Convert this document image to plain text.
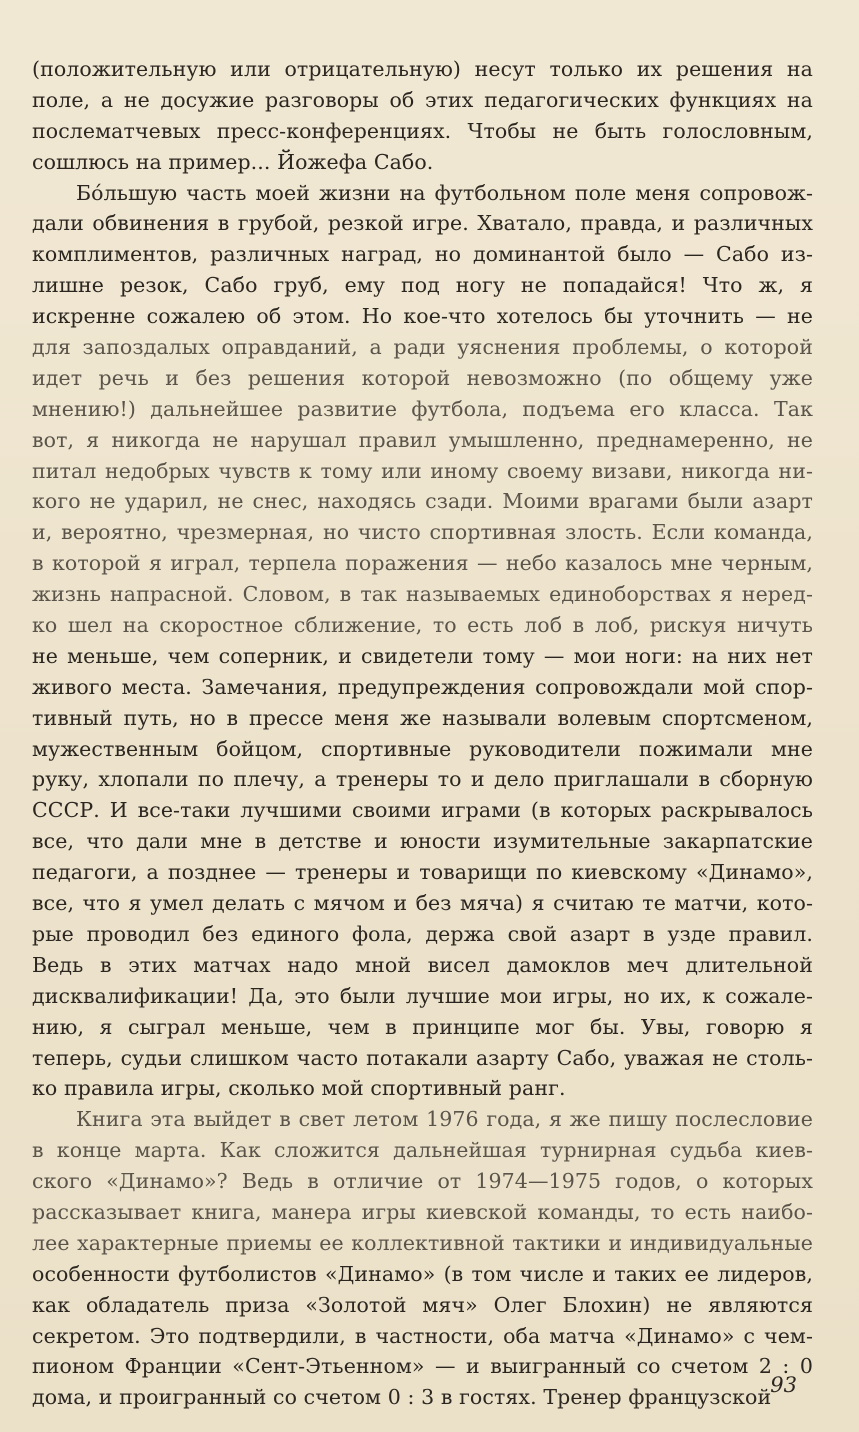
(положительную или отрицательную) несут только их решения на
поле, а не досужие разговоры об этих педагогических функциях на
послематчевых пресс-конференциях. Чтобы не быть голословным,
сошлюсь на пример... Йожефа Сабо.
Бо́льшую часть моей жизни на футбольном поле меня сопровож-
дали обвинения в грубой, резкой игре. Хватало, правда, и различных
комплиментов, различных наград, но доминантой было — Сабо из-
лишне резок, Сабо груб, ему под ногу не попадайся! Что ж, я
искренне сожалею об этом. Но кое-что хотелось бы уточнить — не
для запоздалых оправданий, а ради уяснения проблемы, о которой
идет речь и без решения которой невозможно (по общему уже
мнению!) дальнейшее развитие футбола, подъема его класса. Так
вот, я никогда не нарушал правил умышленно, преднамеренно, не
питал недобрых чувств к тому или иному своему визави, никогда ни-
кого не ударил, не снес, находясь сзади. Моими врагами были азарт
и, вероятно, чрезмерная, но чисто спортивная злость. Если команда,
в которой я играл, терпела поражения — небо казалось мне черным,
жизнь напрасной. Словом, в так называемых единоборствах я неред-
ко шел на скоростное сближение, то есть лоб в лоб, рискуя ничуть
не меньше, чем соперник, и свидетели тому — мои ноги: на них нет
живого места. Замечания, предупреждения сопровождали мой спор-
тивный путь, но в прессе меня же называли волевым спортсменом,
мужественным бойцом, спортивные руководители пожимали мне
руку, хлопали по плечу, а тренеры то и дело приглашали в сборную
СССР. И все-таки лучшими своими играми (в которых раскрывалось
все, что дали мне в детстве и юности изумительные закарпатские
педагоги, а позднее — тренеры и товарищи по киевскому «Динамо»,
все, что я умел делать с мячом и без мяча) я считаю те матчи, кото-
рые проводил без единого фола, держа свой азарт в узде правил.
Ведь в этих матчах надо мной висел дамоклов меч длительной
дисквалификации! Да, это были лучшие мои игры, но их, к сожале-
нию, я сыграл меньше, чем в принципе мог бы. Увы, говорю я
теперь, судьи слишком часто потакали азарту Сабо, уважая не столь-
ко правила игры, сколько мой спортивный ранг.
Книга эта выйдет в свет летом 1976 года, я же пишу послесловие
в конце марта. Как сложится дальнейшая турнирная судьба киев-
ского «Динамо»? Ведь в отличие от 1974—1975 годов, о которых
рассказывает книга, манера игры киевской команды, то есть наибо-
лее характерные приемы ее коллективной тактики и индивидуальные
особенности футболистов «Динамо» (в том числе и таких ее лидеров,
как обладатель приза «Золотой мяч» Олег Блохин) не являются
секретом. Это подтвердили, в частности, оба матча «Динамо» с чем-
пионом Франции «Сент-Этьенном» — и выигранный со счетом 2 : 0
дома, и проигранный со счетом 0 : 3 в гостях. Тренер французской
93
